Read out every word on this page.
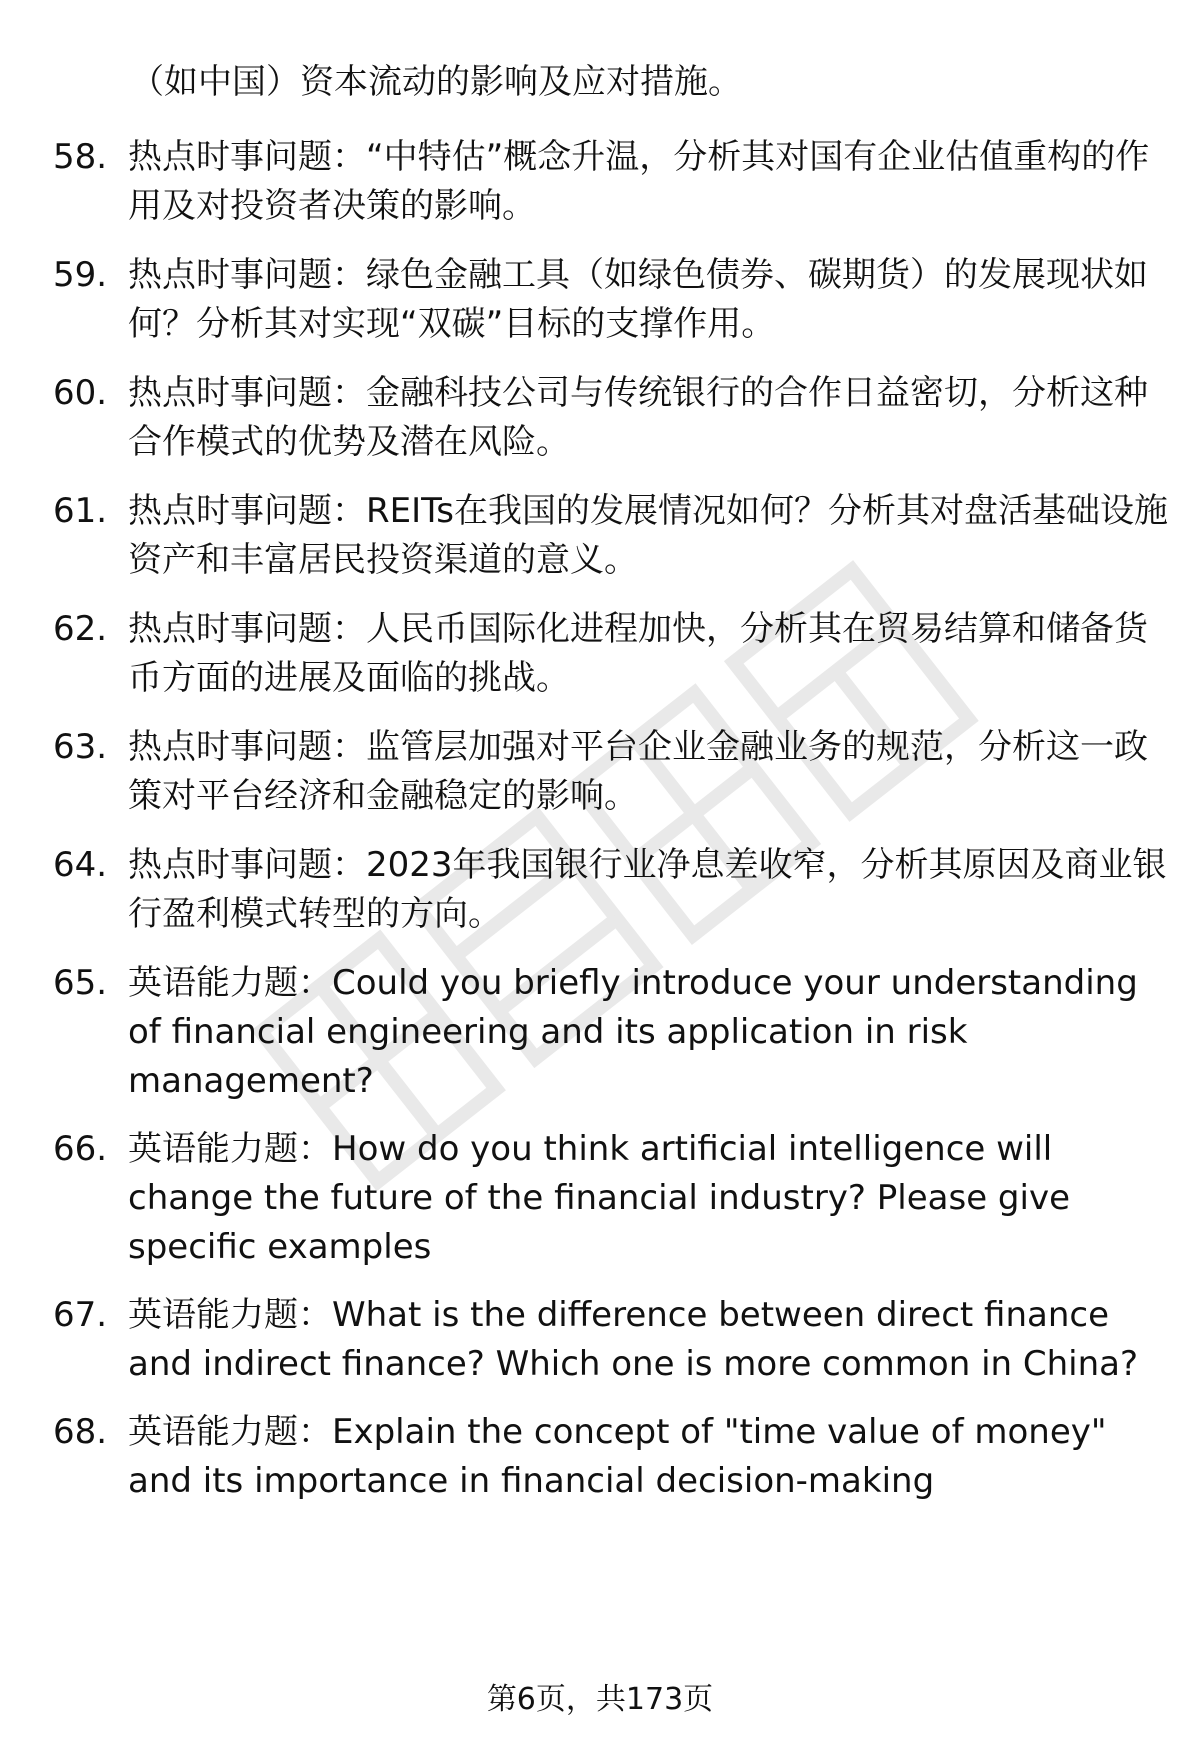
（如中国）资本流动的影响及应对措施。
58. 热点时事问题：“中特估”概念升温，分析其对国有企业估值重构的作用及对投资者决策的影响。
59. 热点时事问题：绿色金融工具（如绿色债券、碳期货）的发展现状如何？分析其对实现“双碳”目标的支撑作用。
60. 热点时事问题：金融科技公司与传统银行的合作日益密切，分析这种合作模式的优势及潜在风险。
61. 热点时事问题：REITs在我国的发展情况如何？分析其对盘活基础设施资产和丰富居民投资渠道的意义。
62. 热点时事问题：人民币国际化进程加快，分析其在贸易结算和储备货币方面的进展及面临的挑战。
63. 热点时事问题：监管层加强对平台企业金融业务的规范，分析这一政策对平台经济和金融稳定的影响。
64. 热点时事问题：2023年我国银行业净息差收窄，分析其原因及商业银行盈利模式转型的方向。
65. 英语能力题：Could you briefly introduce your understanding of financial engineering and its application in risk management?
66. 英语能力题：How do you think artificial intelligence will change the future of the financial industry? Please give specific examples
67. 英语能力题：What is the difference between direct finance and indirect finance? Which one is more common in China?
68. 英语能力题：Explain the concept of "time value of money" and its importance in financial decision-making
第6页，共173页
